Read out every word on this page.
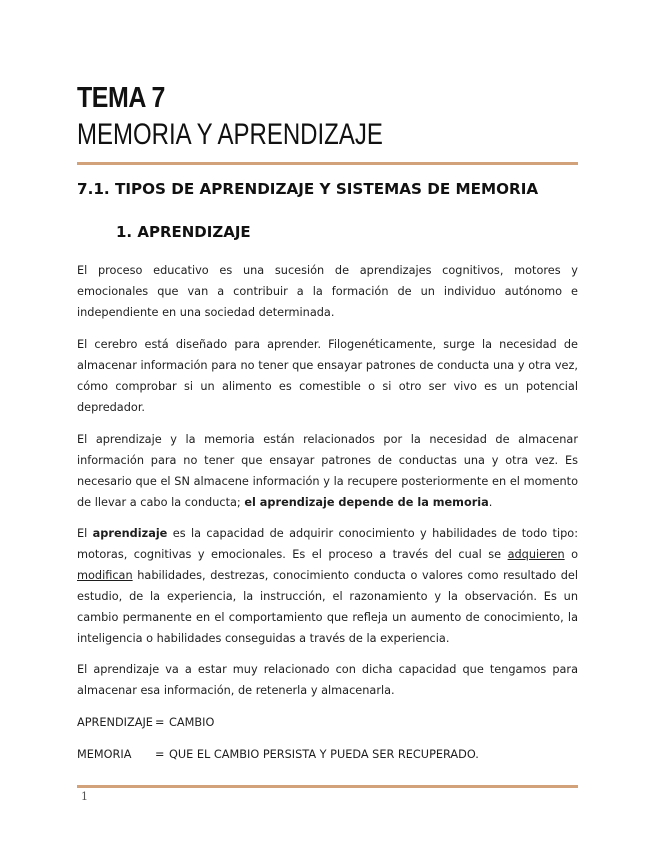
TEMA 7
MEMORIA Y APRENDIZAJE
7.1. TIPOS DE APRENDIZAJE Y SISTEMAS DE MEMORIA
1. APRENDIZAJE

El proceso educativo es una sucesión de aprendizajes cognitivos, motores y emocionales que van a contribuir a la formación de un individuo autónomo e independiente en una sociedad determinada.

El cerebro está diseñado para aprender. Filogenéticamente, surge la necesidad de almacenar información para no tener que ensayar patrones de conducta una y otra vez, cómo comprobar si un alimento es comestible o si otro ser vivo es un potencial depredador.

El aprendizaje y la memoria están relacionados por la necesidad de almacenar información para no tener que ensayar patrones de conductas una y otra vez. Es necesario que el SN almacene información y la recupere posteriormente en el momento de llevar a cabo la conducta; el aprendizaje depende de la memoria.

El aprendizaje es la capacidad de adquirir conocimiento y habilidades de todo tipo: motoras, cognitivas y emocionales. Es el proceso a través del cual se adquieren o modifican habilidades, destrezas, conocimiento conducta o valores como resultado del estudio, de la experiencia, la instrucción, el razonamiento y la observación. Es un cambio permanente en el comportamiento que refleja un aumento de conocimiento, la inteligencia o habilidades conseguidas a través de la experiencia.

El aprendizaje va a estar muy relacionado con dicha capacidad que tengamos para almacenar esa información, de retenerla y almacenarla.

APRENDIZAJE = CAMBIO

MEMORIA = QUE EL CAMBIO PERSISTA Y PUEDA SER RECUPERADO.

1
